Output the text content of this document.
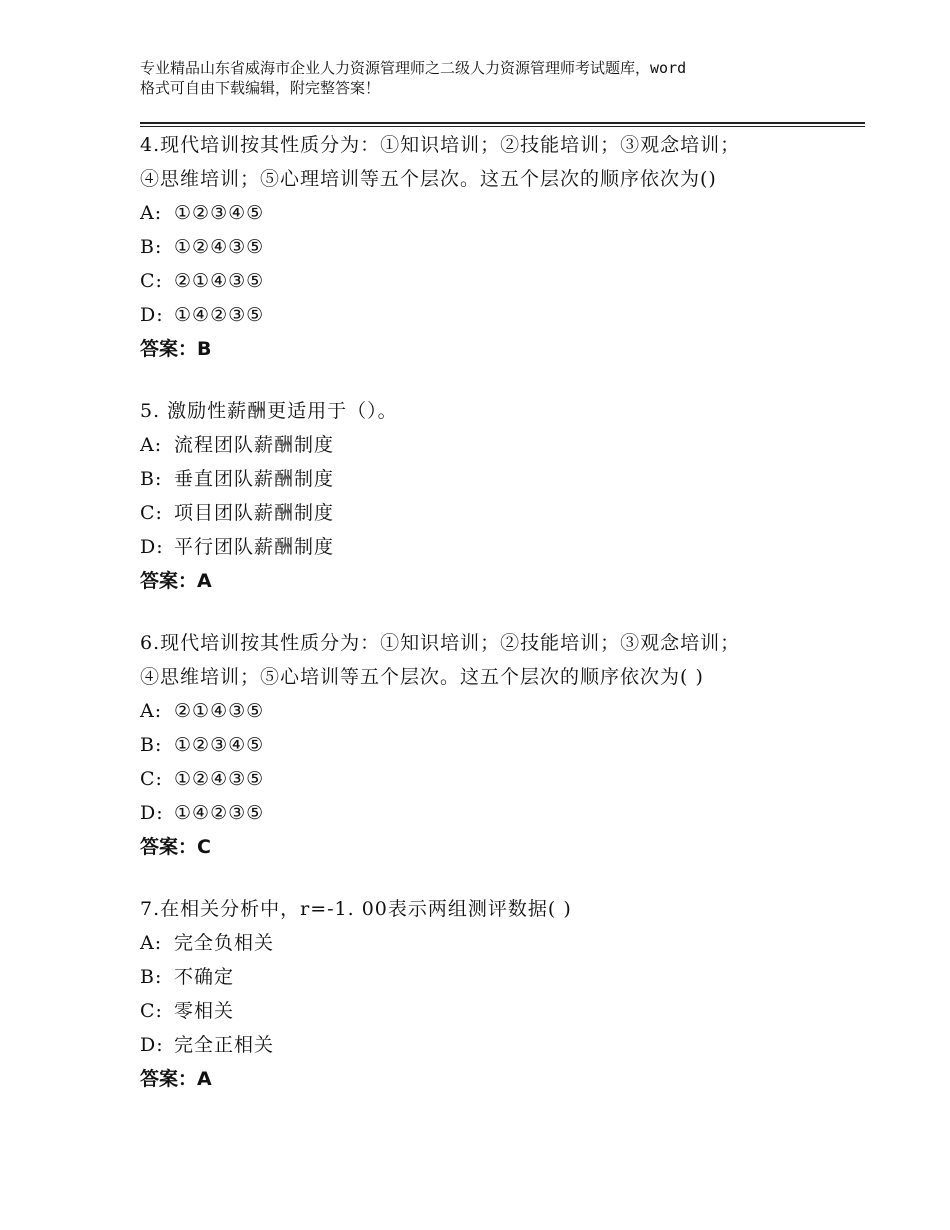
专业精品山东省威海市企业人力资源管理师之二级人力资源管理师考试题库，word
格式可自由下载编辑，附完整答案！
4.现代培训按其性质分为：①知识培训；②技能培训；③观念培训；
④思维培训；⑤心理培训等五个层次。这五个层次的顺序依次为()
A: ①②③④⑤
B: ①②④③⑤
C: ②①④③⑤
D: ①④②③⑤
答案：B
5. 激励性薪酬更适用于（）。
A: 流程团队薪酬制度
B: 垂直团队薪酬制度
C: 项目团队薪酬制度
D: 平行团队薪酬制度
答案：A
6.现代培训按其性质分为：①知识培训；②技能培训；③观念培训；
④思维培训；⑤心培训等五个层次。这五个层次的顺序依次为( )
A: ②①④③⑤
B: ①②③④⑤
C: ①②④③⑤
D: ①④②③⑤
答案：C
7.在相关分析中，r=-1. 00表示两组测评数据( )
A: 完全负相关
B: 不确定
C: 零相关
D: 完全正相关
答案：A
